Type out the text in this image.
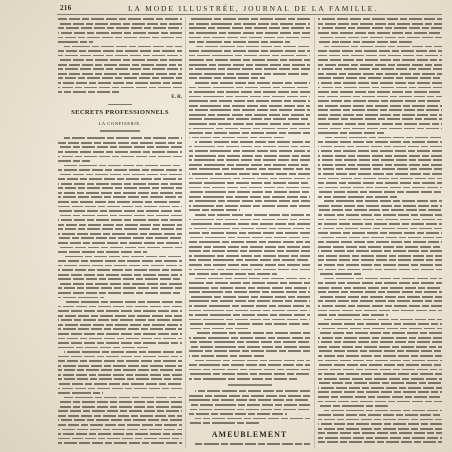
216	LA MODE ILLUSTRÉE, JOURNAL DE LA FAMILLE.
E. R.
SECRETS PROFESSIONNELS
LA CONFISERIE.
AMEUBLEMENT
